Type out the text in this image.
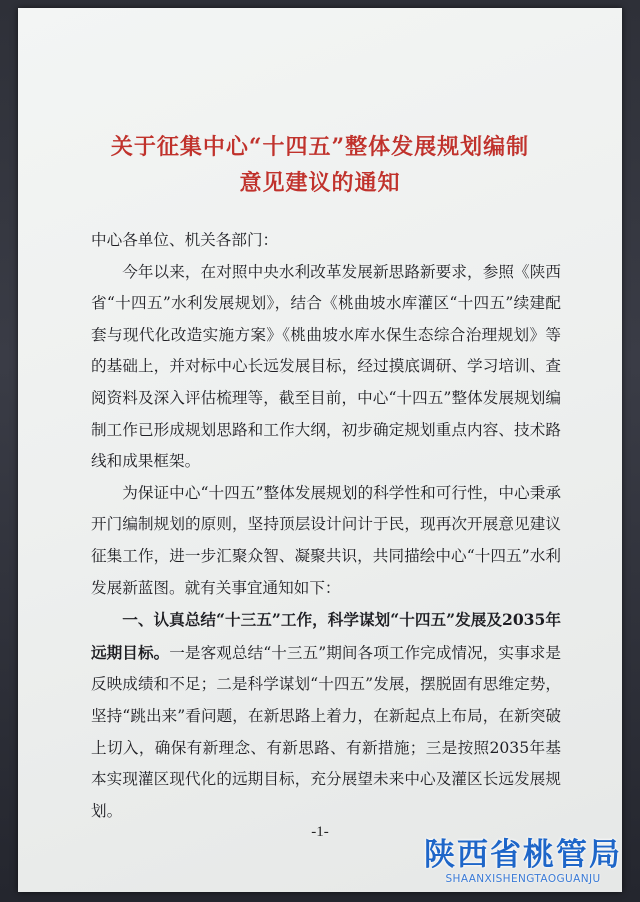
关于征集中心“十四五”整体发展规划编制
意见建议的通知

中心各单位、机关各部门：

今年以来，在对照中央水利改革发展新思路新要求，参照《陕西省“十四五”水利发展规划》，结合《桃曲坡水库灌区“十四五”续建配套与现代化改造实施方案》《桃曲坡水库水保生态综合治理规划》等的基础上，并对标中心长远发展目标，经过摸底调研、学习培训、查阅资料及深入评估梳理等，截至目前，中心“十四五”整体发展规划编制工作已形成规划思路和工作大纲，初步确定规划重点内容、技术路线和成果框架。

为保证中心“十四五”整体发展规划的科学性和可行性，中心秉承开门编制规划的原则，坚持顶层设计问计于民，现再次开展意见建议征集工作，进一步汇聚众智、凝聚共识，共同描绘中心“十四五”水利发展新蓝图。就有关事宜通知如下：

一、认真总结“十三五”工作，科学谋划“十四五”发展及2035年远期目标。一是客观总结“十三五”期间各项工作完成情况，实事求是反映成绩和不足；二是科学谋划“十四五”发展，摆脱固有思维定势，坚持“跳出来”看问题，在新思路上着力，在新起点上布局，在新突破上切入，确保有新理念、有新思路、有新措施；三是按照2035年基本实现灌区现代化的远期目标，充分展望未来中心及灌区长远发展规划。

-1-
陕西省桃管局
SHAANXISHENGTAOGUANJU
